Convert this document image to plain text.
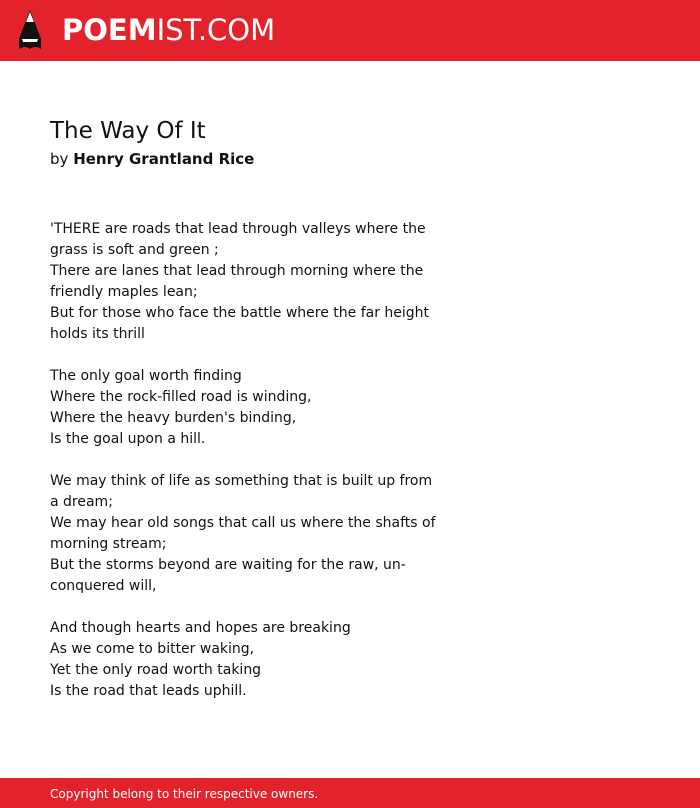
POEMIST.COM
The Way Of It
by Henry Grantland Rice
'THERE are roads that lead through valleys where the grass is soft and green ;
There are lanes that lead through morning where the friendly maples lean;
But for those who face the battle where the far height holds its thrill
The only goal worth finding
Where the rock-filled road is winding,
Where the heavy burden's binding,
Is the goal upon a hill.
We may think of life as something that is built up from a dream;
We may hear old songs that call us where the shafts of morning stream;
But the storms beyond are waiting for the raw, un-conquered will,
And though hearts and hopes are breaking
As we come to bitter waking,
Yet the only road worth taking
Is the road that leads uphill.
Copyright belong to their respective owners.
